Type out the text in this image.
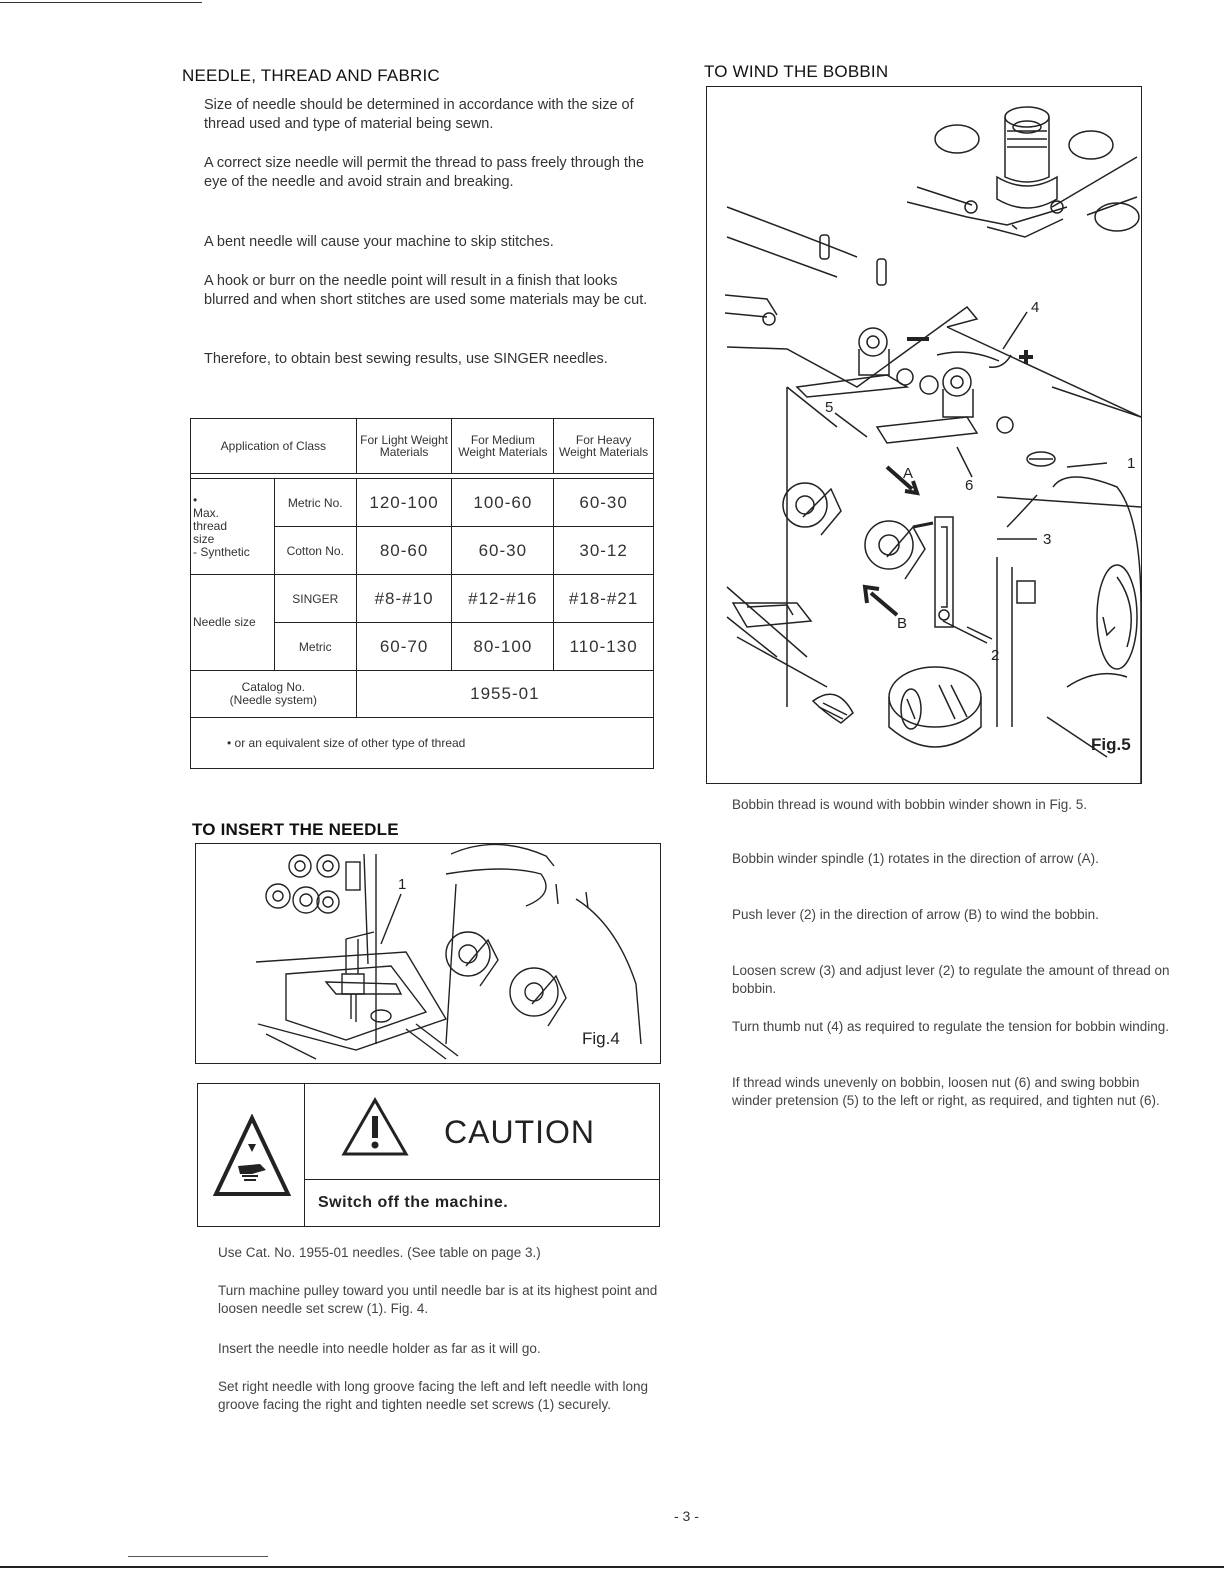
NEEDLE, THREAD AND FABRIC
Size of needle should be determined in accordance with the size of thread used and type of material being sewn.
A correct size needle will permit the thread to pass freely through the eye of the needle and avoid strain and breaking.
A bent needle will cause your machine to skip stitches.
A hook or burr on the needle point will result in a finish that looks blurred and when short stitches are used some materials may be cut.
Therefore, to obtain best sewing results, use SINGER needles.
Application of Class		For Light Weight Materials	For Medium Weight Materials	For Heavy Weight Materials

•
Max.
thread
size
- Synthetic	Metric No.	120-100	100-60	60-30
	Cotton No.	80-60	60-30	30-12
Needle size	SINGER	#8-#10	#12-#16	#18-#21
	Metric	60-70	80-100	110-130
Catalog No.
(Needle system)		1955-01		
• or an equivalent size of other type of thread				
TO INSERT THE NEEDLE
1
Fig.4
CAUTION
Switch off the machine.
Use Cat. No. 1955-01 needles. (See table on page 3.)
Turn machine pulley toward you until needle bar is at its highest point and loosen needle set screw (1). Fig. 4.
Insert the needle into needle holder as far as it will go.
Set right needle with long groove facing the left and left needle with long groove facing the right and tighten needle set screws (1) securely.
TO WIND THE BOBBIN
4
5
1
A
6
3
B
2
Fig.5
Bobbin thread is wound with bobbin winder shown in Fig. 5.
Bobbin winder spindle (1) rotates in the direction of arrow (A).
Push lever (2) in the direction of arrow (B) to wind the bobbin.
Loosen screw (3) and adjust lever (2) to regulate the amount of thread on bobbin.
Turn thumb nut (4) as required to regulate the tension for bobbin winding.
If thread winds unevenly on bobbin, loosen nut (6) and swing bobbin winder pretension (5) to the left or right, as required, and tighten nut (6).
- 3 -
